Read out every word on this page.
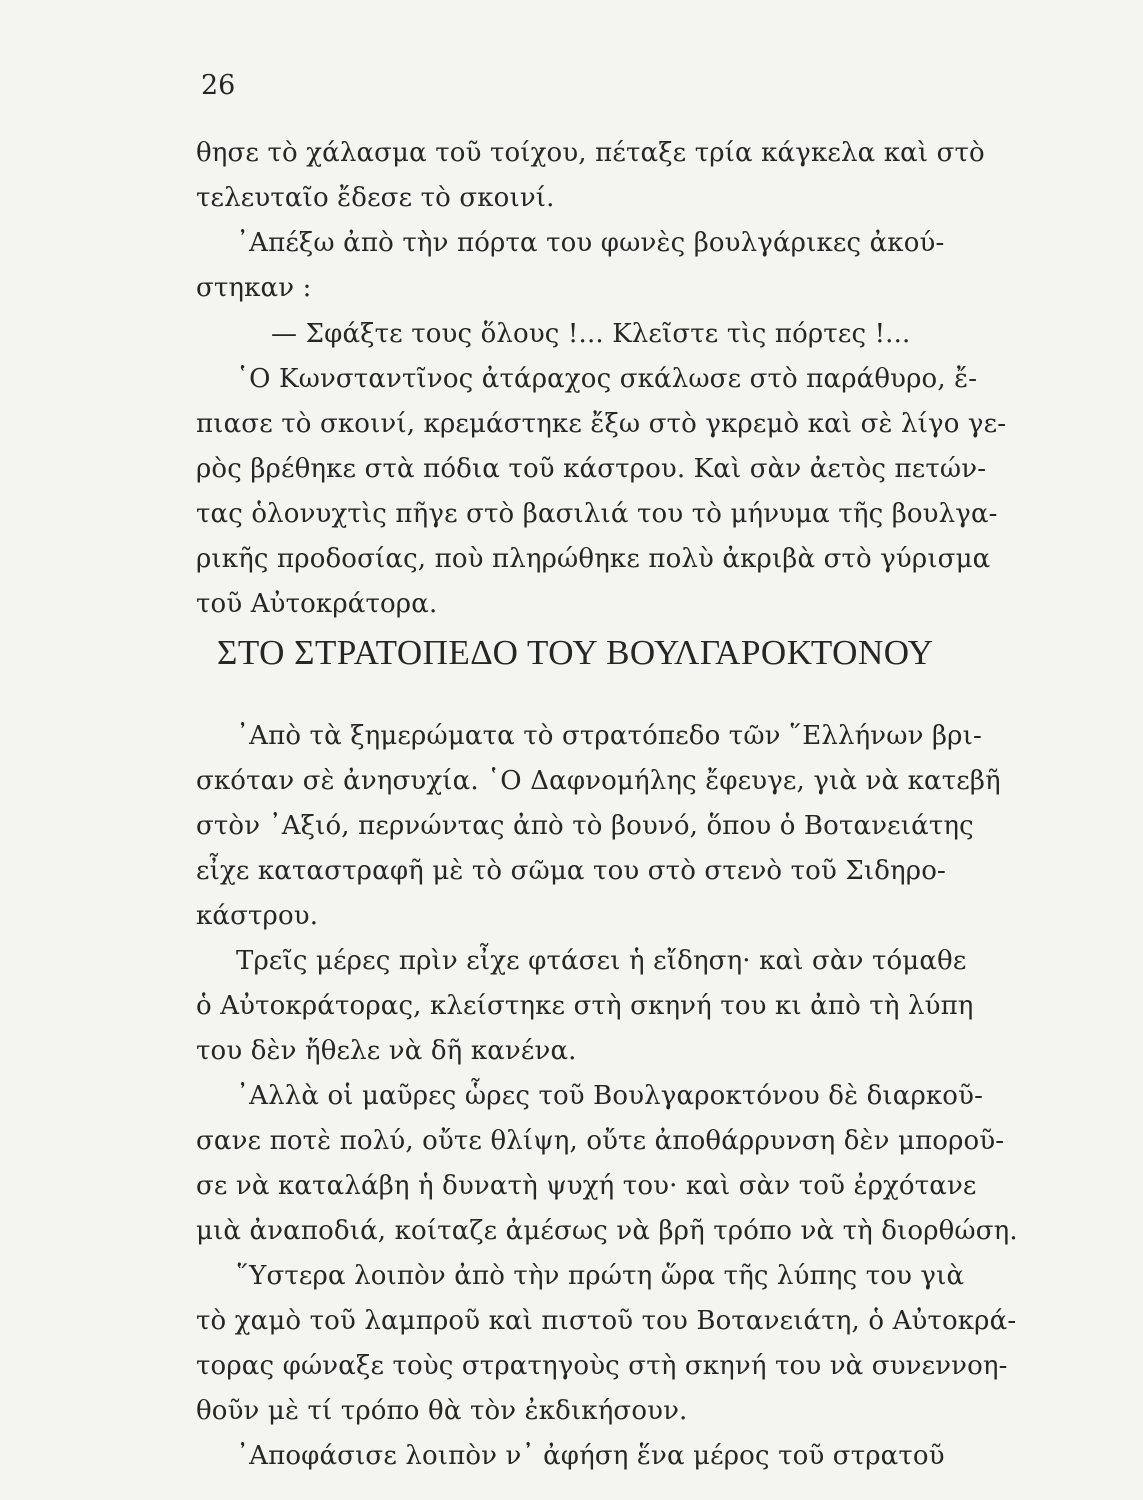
26
θησε τὸ χάλασμα τοῦ τοίχου, πέταξε τρία κάγκελα καὶ στὸ
τελευταῖο ἔδεσε τὸ σκοινί.
᾿Απέξω ἀπὸ τὴν πόρτα του φωνὲς βουλγάρικες ἀκού-
στηκαν :
— Σφάξτε τους ὅλους !... Κλεῖστε τὶς πόρτες !...
῾Ο Κωνσταντῖνος ἀτάραχος σκάλωσε στὸ παράθυρο, ἔ-
πιασε τὸ σκοινί, κρεμάστηκε ἔξω στὸ γκρεμὸ καὶ σὲ λίγο γε-
ρὸς βρέθηκε στὰ πόδια τοῦ κάστρου. Καὶ σὰν ἀετὸς πετών-
τας ὁλονυχτὶς πῆγε στὸ βασιλιά του τὸ μήνυμα τῆς βουλγα-
ρικῆς προδοσίας, ποὺ πληρώθηκε πολὺ ἀκριβὰ στὸ γύρισμα
τοῦ Αὐτοκράτορα.
ΣΤΟ ΣΤΡΑΤΟΠΕΔΟ ΤΟΥ ΒΟΥΛΓΑΡΟΚΤΟΝΟΥ
᾿Απὸ τὰ ξημερώματα τὸ στρατόπεδο τῶν ῞Ελλήνων βρι-
σκόταν σὲ ἀνησυχία. ῾Ο Δαφνομήλης ἔφευγε, γιὰ νὰ κατεβῆ
στὸν ᾿Αξιό, περνώντας ἀπὸ τὸ βουνό, ὅπου ὁ Βοτανειάτης
εἶχε καταστραφῆ μὲ τὸ σῶμα του στὸ στενὸ τοῦ Σιδηρο-
κάστρου.
Τρεῖς μέρες πρὶν εἶχε φτάσει ἡ εἴδηση· καὶ σὰν τόμαθε
ὁ Αὐτοκράτορας, κλείστηκε στὴ σκηνή του κι ἀπὸ τὴ λύπη
του δὲν ἤθελε νὰ δῆ κανένα.
᾿Αλλὰ οἱ μαῦρες ὧρες τοῦ Βουλγαροκτόνου δὲ διαρκοῦ-
σανε ποτὲ πολύ, οὔτε θλίψη, οὔτε ἀποθάρρυνση δὲν μποροῦ-
σε νὰ καταλάβη ἡ δυνατὴ ψυχή του· καὶ σὰν τοῦ ἐρχότανε
μιὰ ἀναποδιά, κοίταζε ἀμέσως νὰ βρῆ τρόπο νὰ τὴ διορθώση.
῞Υστερα λοιπὸν ἀπὸ τὴν πρώτη ὥρα τῆς λύπης του γιὰ
τὸ χαμὸ τοῦ λαμπροῦ καὶ πιστοῦ του Βοτανειάτη, ὁ Αὐτοκρά-
τορας φώναξε τοὺς στρατηγοὺς στὴ σκηνή του νὰ συνεννοη-
θοῦν μὲ τί τρόπο θὰ τὸν ἐκδικήσουν.
᾿Αποφάσισε λοιπὸν ν᾿ ἀφήση ἕνα μέρος τοῦ στρατοῦ
